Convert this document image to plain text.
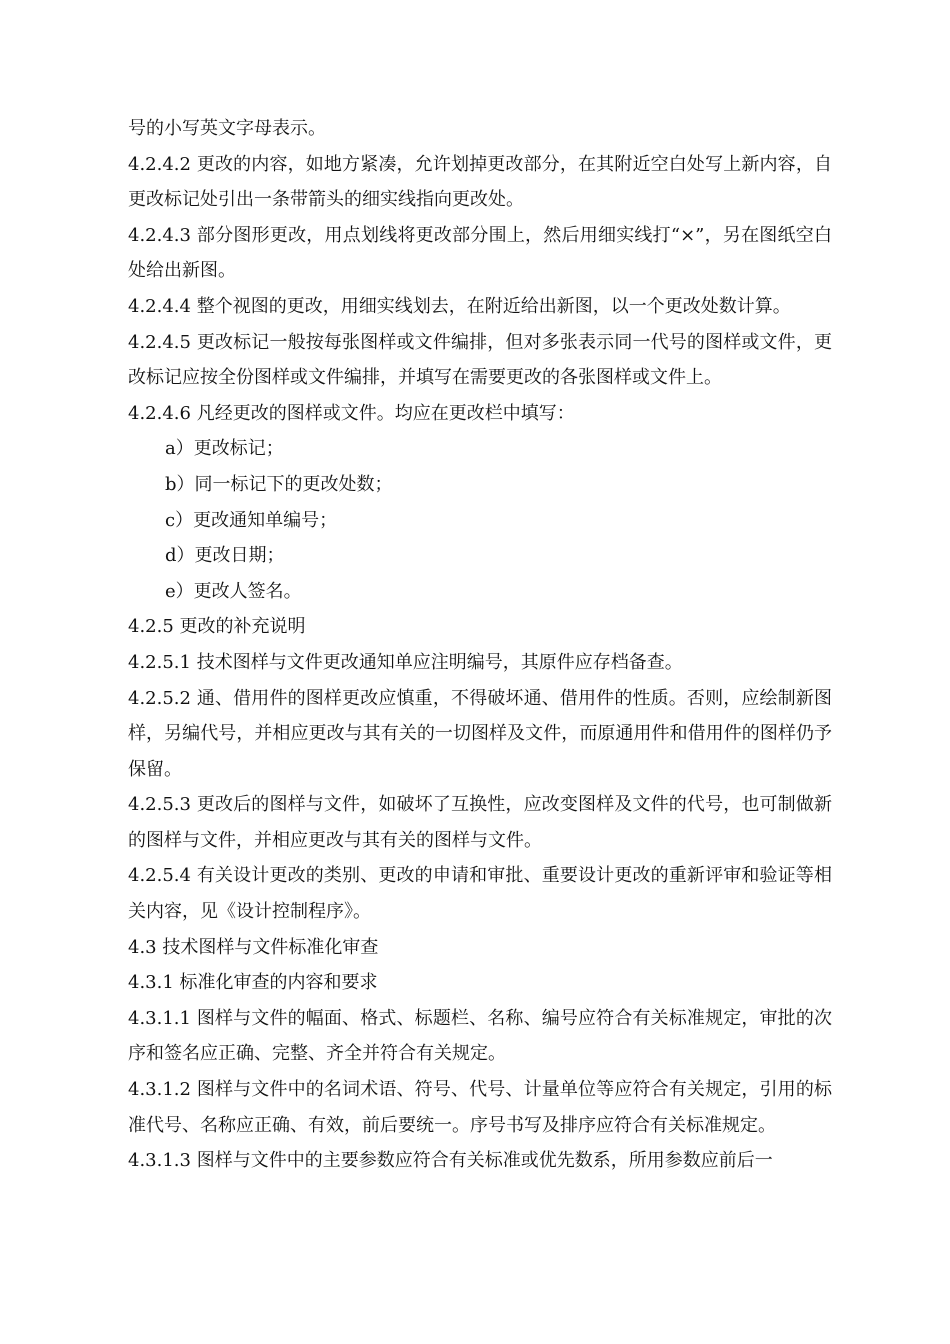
号的小写英文字母表示。

4.2.4.2 更改的内容，如地方紧凑，允许划掉更改部分，在其附近空白处写上新内容，自更改标记处引出一条带箭头的细实线指向更改处。

4.2.4.3 部分图形更改，用点划线将更改部分围上，然后用细实线打“×”，另在图纸空白处给出新图。

4.2.4.4 整个视图的更改，用细实线划去，在附近给出新图，以一个更改处数计算。

4.2.4.5 更改标记一般按每张图样或文件编排，但对多张表示同一代号的图样或文件，更改标记应按全份图样或文件编排，并填写在需要更改的各张图样或文件上。

4.2.4.6 凡经更改的图样或文件。均应在更改栏中填写：

a）更改标记；

b）同一标记下的更改处数；

c）更改通知单编号；

d）更改日期；

e）更改人签名。

4.2.5 更改的补充说明

4.2.5.1 技术图样与文件更改通知单应注明编号，其原件应存档备查。

4.2.5.2 通、借用件的图样更改应慎重，不得破坏通、借用件的性质。否则，应绘制新图样，另编代号，并相应更改与其有关的一切图样及文件，而原通用件和借用件的图样仍予保留。

4.2.5.3 更改后的图样与文件，如破坏了互换性，应改变图样及文件的代号，也可制做新的图样与文件，并相应更改与其有关的图样与文件。

4.2.5.4 有关设计更改的类别、更改的申请和审批、重要设计更改的重新评审和验证等相关内容，见《设计控制程序》。

4.3 技术图样与文件标准化审查

4.3.1 标准化审查的内容和要求

4.3.1.1 图样与文件的幅面、格式、标题栏、名称、编号应符合有关标准规定，审批的次序和签名应正确、完整、齐全并符合有关规定。

4.3.1.2 图样与文件中的名词术语、符号、代号、计量单位等应符合有关规定，引用的标准代号、名称应正确、有效，前后要统一。序号书写及排序应符合有关标准规定。

4.3.1.3 图样与文件中的主要参数应符合有关标准或优先数系，所用参数应前后一
